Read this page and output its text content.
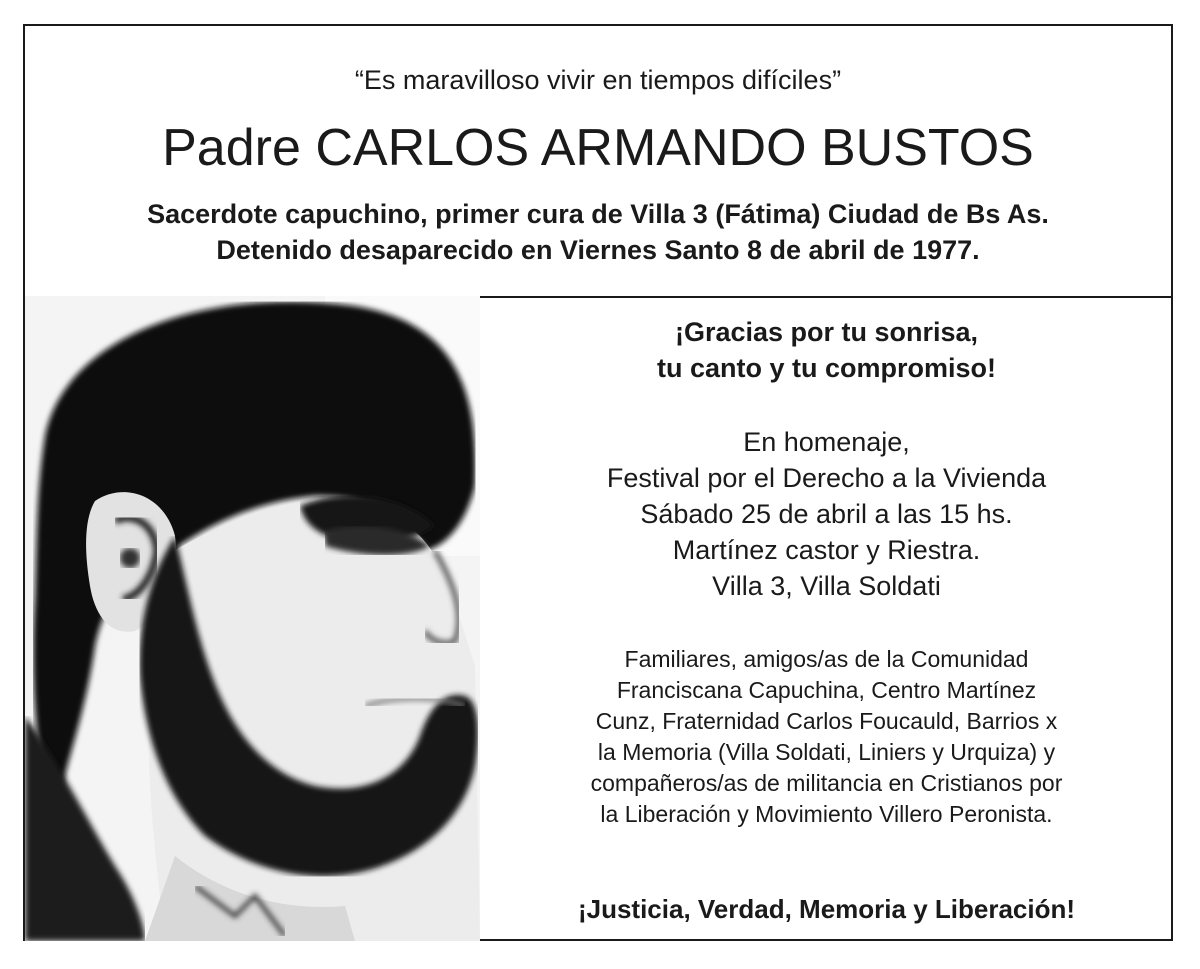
“Es maravilloso vivir en tiempos difíciles”
Padre CARLOS ARMANDO BUSTOS
Sacerdote capuchino, primer cura de Villa 3 (Fátima) Ciudad de Bs As.
Detenido desaparecido en Viernes Santo 8 de abril de 1977.
¡Gracias por tu sonrisa,
tu canto y tu compromiso!
En homenaje,
Festival por el Derecho a la Vivienda
Sábado 25 de abril a las 15 hs.
Martínez castor y Riestra.
Villa 3, Villa Soldati
Familiares, amigos/as de la Comunidad
Franciscana Capuchina, Centro Martínez
Cunz, Fraternidad Carlos Foucauld, Barrios x
la Memoria (Villa Soldati, Liniers y Urquiza) y
compañeros/as de militancia en Cristianos por
la Liberación y Movimiento Villero Peronista.
¡Justicia, Verdad, Memoria y Liberación!
